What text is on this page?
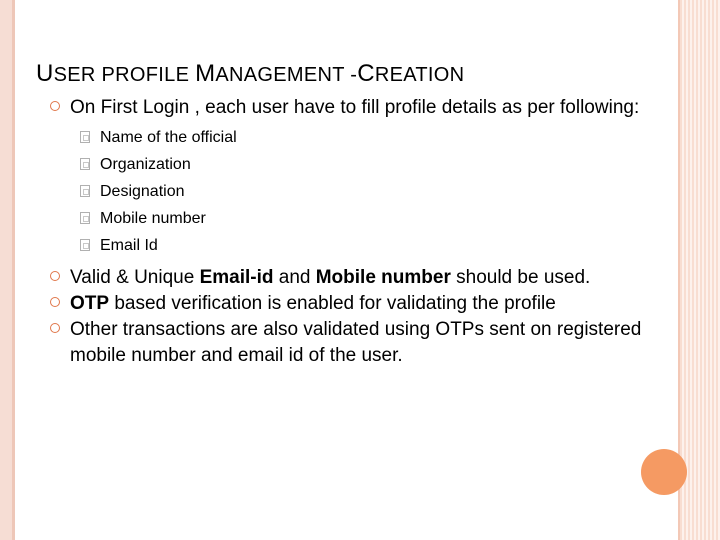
USER PROFILE MANAGEMENT -CREATION
On First Login , each user have to fill profile details as per following:
Name of the official
Organization
Designation
Mobile number
Email Id
Valid & Unique Email-id and Mobile number should be used.
OTP based verification is enabled for validating the profile
Other transactions are also validated using OTPs sent on registered mobile number and email id of the user.
